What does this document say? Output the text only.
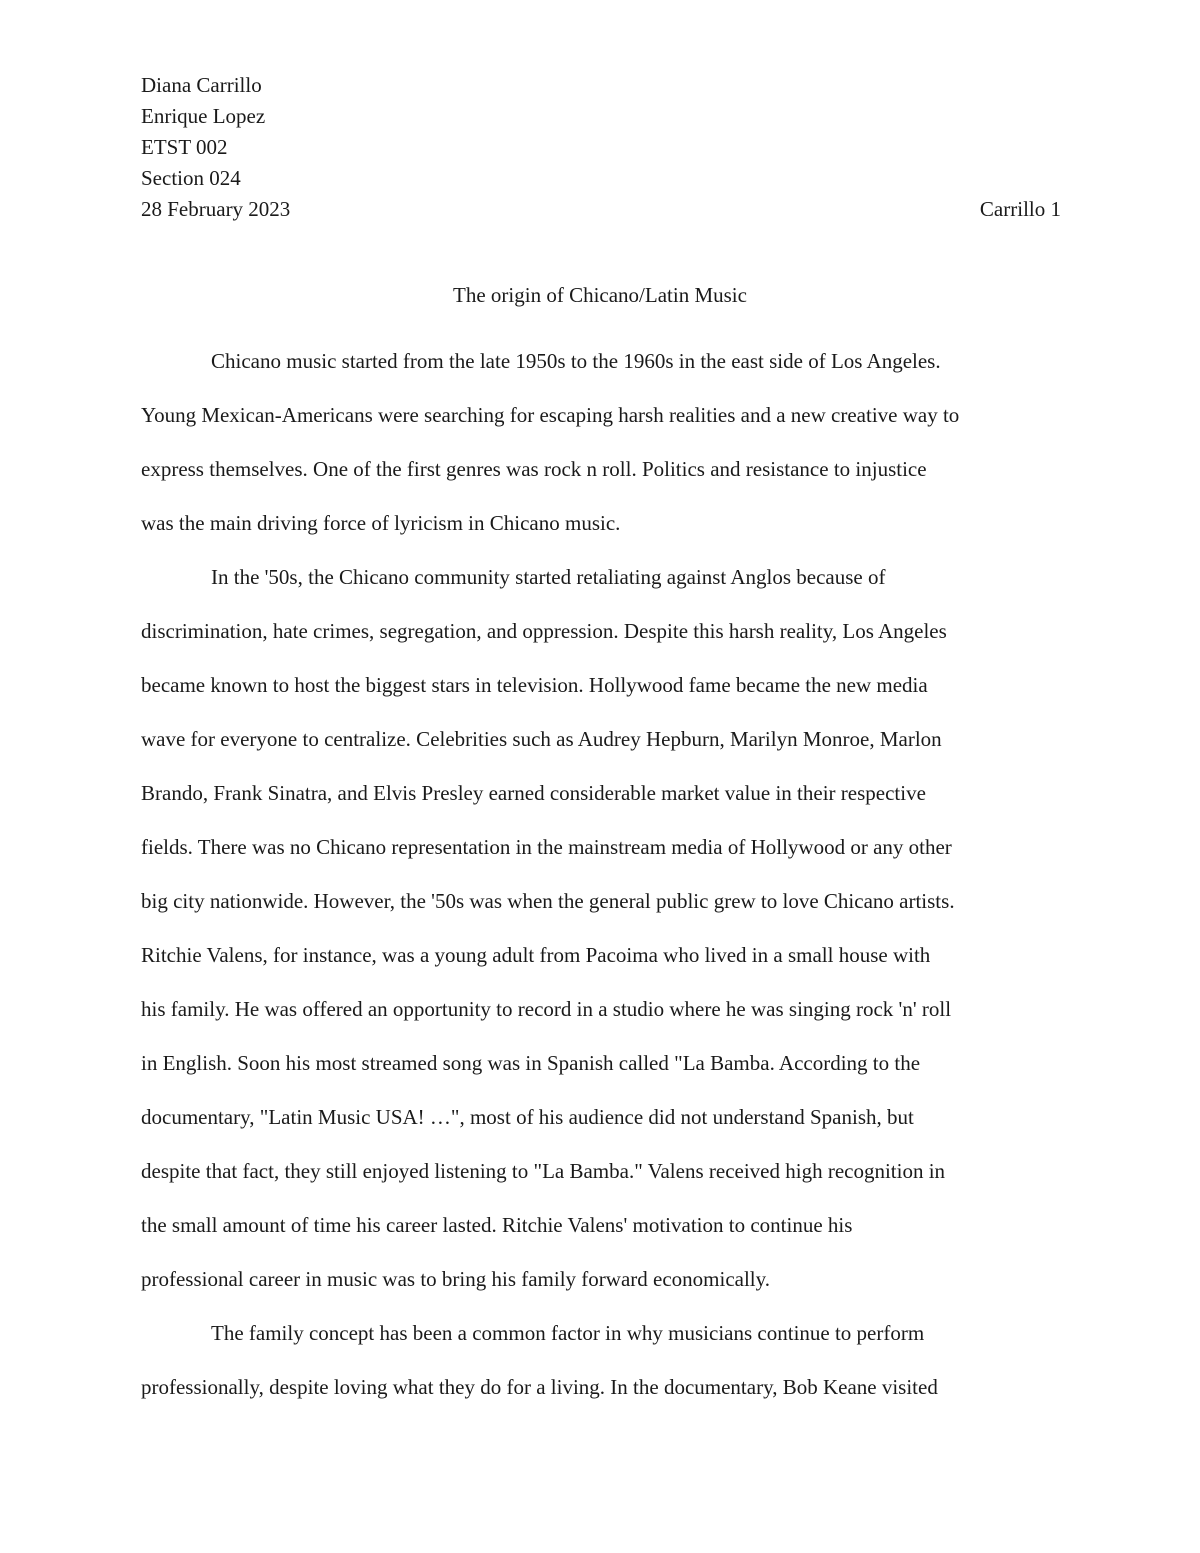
Diana Carrillo
Enrique Lopez
ETST 002
Section 024
28 February 2023	Carrillo 1
The origin of Chicano/Latin Music
Chicano music started from the late 1950s to the 1960s in the east side of Los Angeles.
Young Mexican-Americans were searching for escaping harsh realities and a new creative way to
express themselves. One of the first genres was rock n roll. Politics and resistance to injustice
was the main driving force of lyricism in Chicano music.
In the '50s, the Chicano community started retaliating against Anglos because of
discrimination, hate crimes, segregation, and oppression. Despite this harsh reality, Los Angeles
became known to host the biggest stars in television. Hollywood fame became the new media
wave for everyone to centralize. Celebrities such as Audrey Hepburn, Marilyn Monroe, Marlon
Brando, Frank Sinatra, and Elvis Presley earned considerable market value in their respective
fields. There was no Chicano representation in the mainstream media of Hollywood or any other
big city nationwide. However, the '50s was when the general public grew to love Chicano artists.
Ritchie Valens, for instance, was a young adult from Pacoima who lived in a small house with
his family. He was offered an opportunity to record in a studio where he was singing rock 'n' roll
in English. Soon his most streamed song was in Spanish called "La Bamba. According to the
documentary, "Latin Music USA! …", most of his audience did not understand Spanish, but
despite that fact, they still enjoyed listening to "La Bamba." Valens received high recognition in
the small amount of time his career lasted. Ritchie Valens' motivation to continue his
professional career in music was to bring his family forward economically.
The family concept has been a common factor in why musicians continue to perform
professionally, despite loving what they do for a living. In the documentary, Bob Keane visited
